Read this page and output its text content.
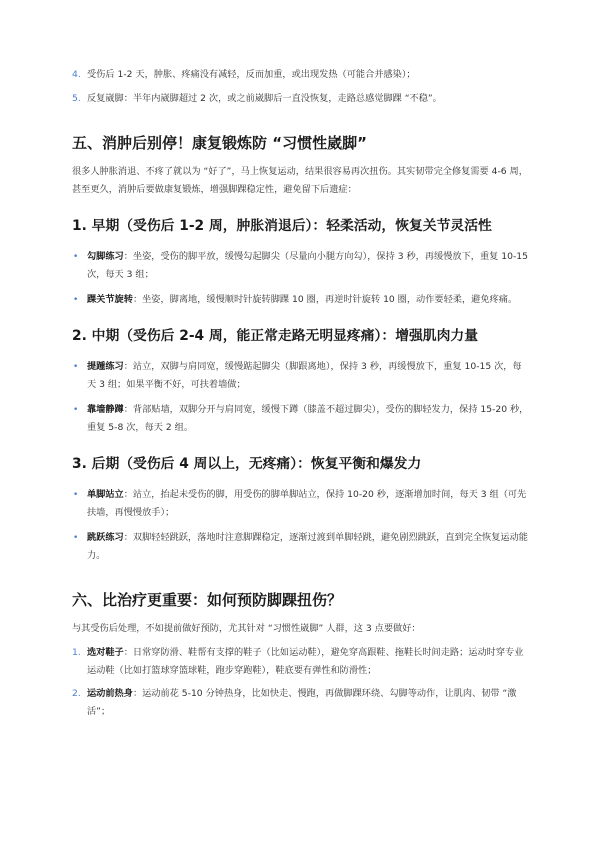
4. 受伤后 1-2 天，肿胀、疼痛没有减轻，反而加重，或出现发热（可能合并感染）；
5. 反复崴脚：半年内崴脚超过 2 次，或之前崴脚后一直没恢复，走路总感觉脚踝 “不稳”。
五、消肿后别停！康复锻炼防 “习惯性崴脚”

很多人肿胀消退、不疼了就以为 “好了”，马上恢复运动，结果很容易再次扭伤。其实韧带完全修复需要 4-6 周，甚至更久，消肿后要做康复锻炼，增强脚踝稳定性，避免留下后遗症：

1. 早期（受伤后 1-2 周，肿胀消退后）：轻柔活动，恢复关节灵活性
• 勾脚练习：坐姿，受伤的脚平放，缓慢勾起脚尖（尽量向小腿方向勾），保持 3 秒，再缓慢放下，重复 10-15 次，每天 3 组；
• 踝关节旋转：坐姿，脚离地，缓慢顺时针旋转脚踝 10 圈，再逆时针旋转 10 圈，动作要轻柔，避免疼痛。
2. 中期（受伤后 2-4 周，能正常走路无明显疼痛）：增强肌肉力量
• 提踵练习：站立，双脚与肩同宽，缓慢踮起脚尖（脚跟离地），保持 3 秒，再缓慢放下，重复 10-15 次，每天 3 组；如果平衡不好，可扶着墙做；
• 靠墙静蹲：背部贴墙，双脚分开与肩同宽，缓慢下蹲（膝盖不超过脚尖），受伤的脚轻发力，保持 15-20 秒，重复 5-8 次，每天 2 组。
3. 后期（受伤后 4 周以上，无疼痛）：恢复平衡和爆发力
• 单脚站立：站立，抬起未受伤的脚，用受伤的脚单脚站立，保持 10-20 秒，逐渐增加时间，每天 3 组（可先扶墙，再慢慢放手）；
• 跳跃练习：双脚轻轻跳跃，落地时注意脚踝稳定，逐渐过渡到单脚轻跳，避免剧烈跳跃，直到完全恢复运动能力。
六、比治疗更重要：如何预防脚踝扭伤？

与其受伤后处理，不如提前做好预防，尤其针对 “习惯性崴脚” 人群，这 3 点要做好：

1. 选对鞋子：日常穿防滑、鞋帮有支撑的鞋子（比如运动鞋），避免穿高跟鞋、拖鞋长时间走路；运动时穿专业运动鞋（比如打篮球穿篮球鞋，跑步穿跑鞋），鞋底要有弹性和防滑性；
2. 运动前热身：运动前花 5-10 分钟热身，比如快走、慢跑，再做脚踝环绕、勾脚等动作，让肌肉、韧带 “激活”；
